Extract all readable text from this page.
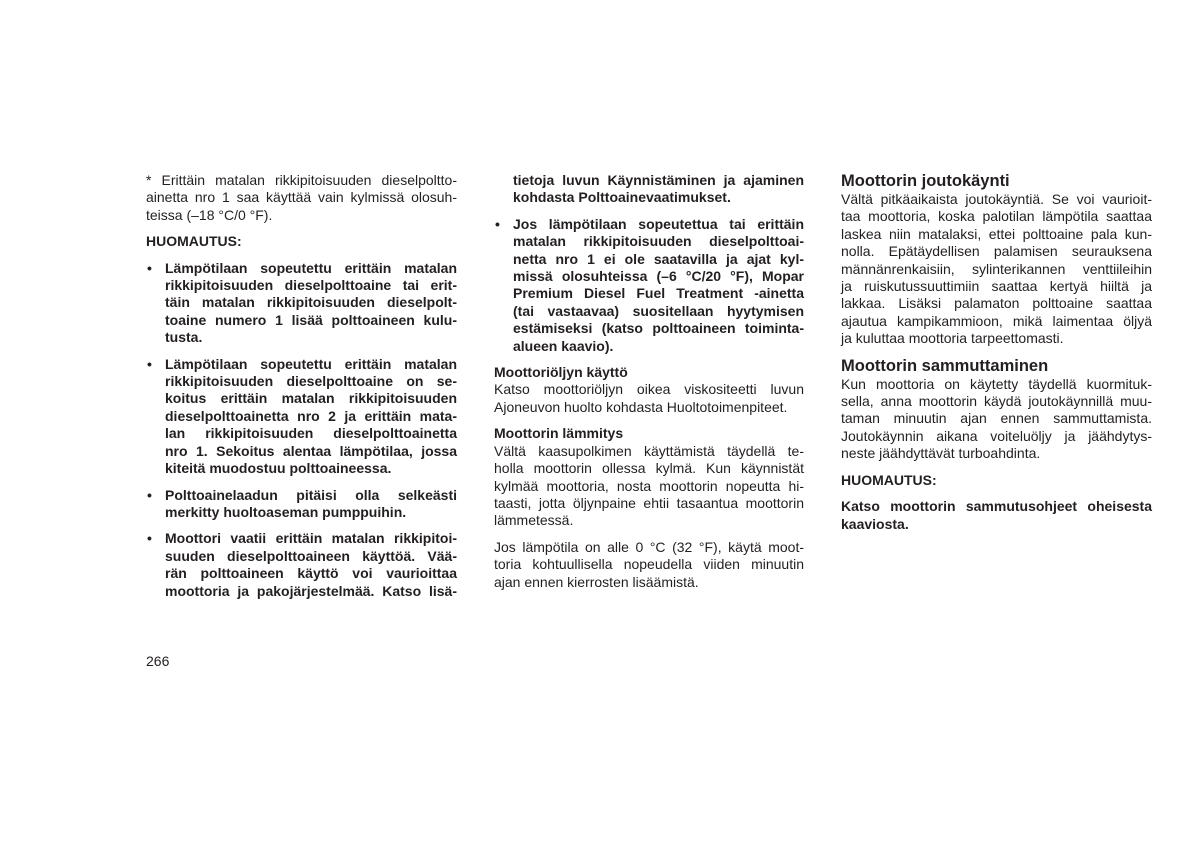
* Erittäin matalan rikkipitoisuuden dieselpoltto-
ainetta nro 1 saa käyttää vain kylmissä olosuh-
teissa (–18 °C/0 °F).

HUOMAUTUS:

• Lämpötilaan sopeutettu erittäin matalan
rikkipitoisuuden dieselpolttoaine tai erit-
täin matalan rikkipitoisuuden dieselpolt-
toaine numero 1 lisää polttoaineen kulu-
tusta.
• Lämpötilaan sopeutettu erittäin matalan
rikkipitoisuuden dieselpolttoaine on se-
koitus erittäin matalan rikkipitoisuuden
dieselpolttoainetta nro 2 ja erittäin mata-
lan rikkipitoisuuden dieselpolttoainetta
nro 1. Sekoitus alentaa lämpötilaa, jossa
kiteitä muodostuu polttoaineessa.
• Polttoainelaadun pitäisi olla selkeästi
merkitty huoltoaseman pumppuihin.
• Moottori vaatii erittäin matalan rikkipitoi-
suuden dieselpolttoaineen käyttöä. Vää-
rän polttoaineen käyttö voi vaurioittaa
moottoria ja pakojärjestelmää. Katso lisä-

tietoja luvun Käynnistäminen ja ajaminen
kohdasta Polttoainevaatimukset.

• Jos lämpötilaan sopeutettua tai erittäin
matalan rikkipitoisuuden dieselpolttoai-
netta nro 1 ei ole saatavilla ja ajat kyl-
missä olosuhteissa (–6 °C/20 °F), Mopar
Premium Diesel Fuel Treatment -ainetta
(tai vastaavaa) suositellaan hyytymisen
estämiseksi (katso polttoaineen toiminta-
alueen kaavio).

Moottoriöljyn käyttö

Katso moottoriöljyn oikea viskositeetti luvun
Ajoneuvon huolto kohdasta Huoltotoimenpiteet.

Moottorin lämmitys

Vältä kaasupolkimen käyttämistä täydellä te-
holla moottorin ollessa kylmä. Kun käynnistät
kylmää moottoria, nosta moottorin nopeutta hi-
taasti, jotta öljynpaine ehtii tasaantua moottorin
lämmetessä.

Jos lämpötila on alle 0 °C (32 °F), käytä moot-
toria kohtuullisella nopeudella viiden minuutin
ajan ennen kierrosten lisäämistä.

Moottorin joutokäynti

Vältä pitkäaikaista joutokäyntiä. Se voi vaurioit-
taa moottoria, koska palotilan lämpötila saattaa
laskea niin matalaksi, ettei polttoaine pala kun-
nolla. Epätäydellisen palamisen seurauksena
männänrenkaisiin, sylinterikannen venttiileihin
ja ruiskutussuuttimiin saattaa kertyä hiiltä ja
lakkaa. Lisäksi palamaton polttoaine saattaa
ajautua kampikammioon, mikä laimentaa öljyä
ja kuluttaa moottoria tarpeettomasti.

Moottorin sammuttaminen

Kun moottoria on käytetty täydellä kuormituk-
sella, anna moottorin käydä joutokäynnillä muu-
taman minuutin ajan ennen sammuttamista.
Joutokäynnin aikana voiteluöljy ja jäähdytys-
neste jäähdyttävät turboahdinta.

HUOMAUTUS:

Katso moottorin sammutusohjeet oheisesta
kaaviosta.

266
